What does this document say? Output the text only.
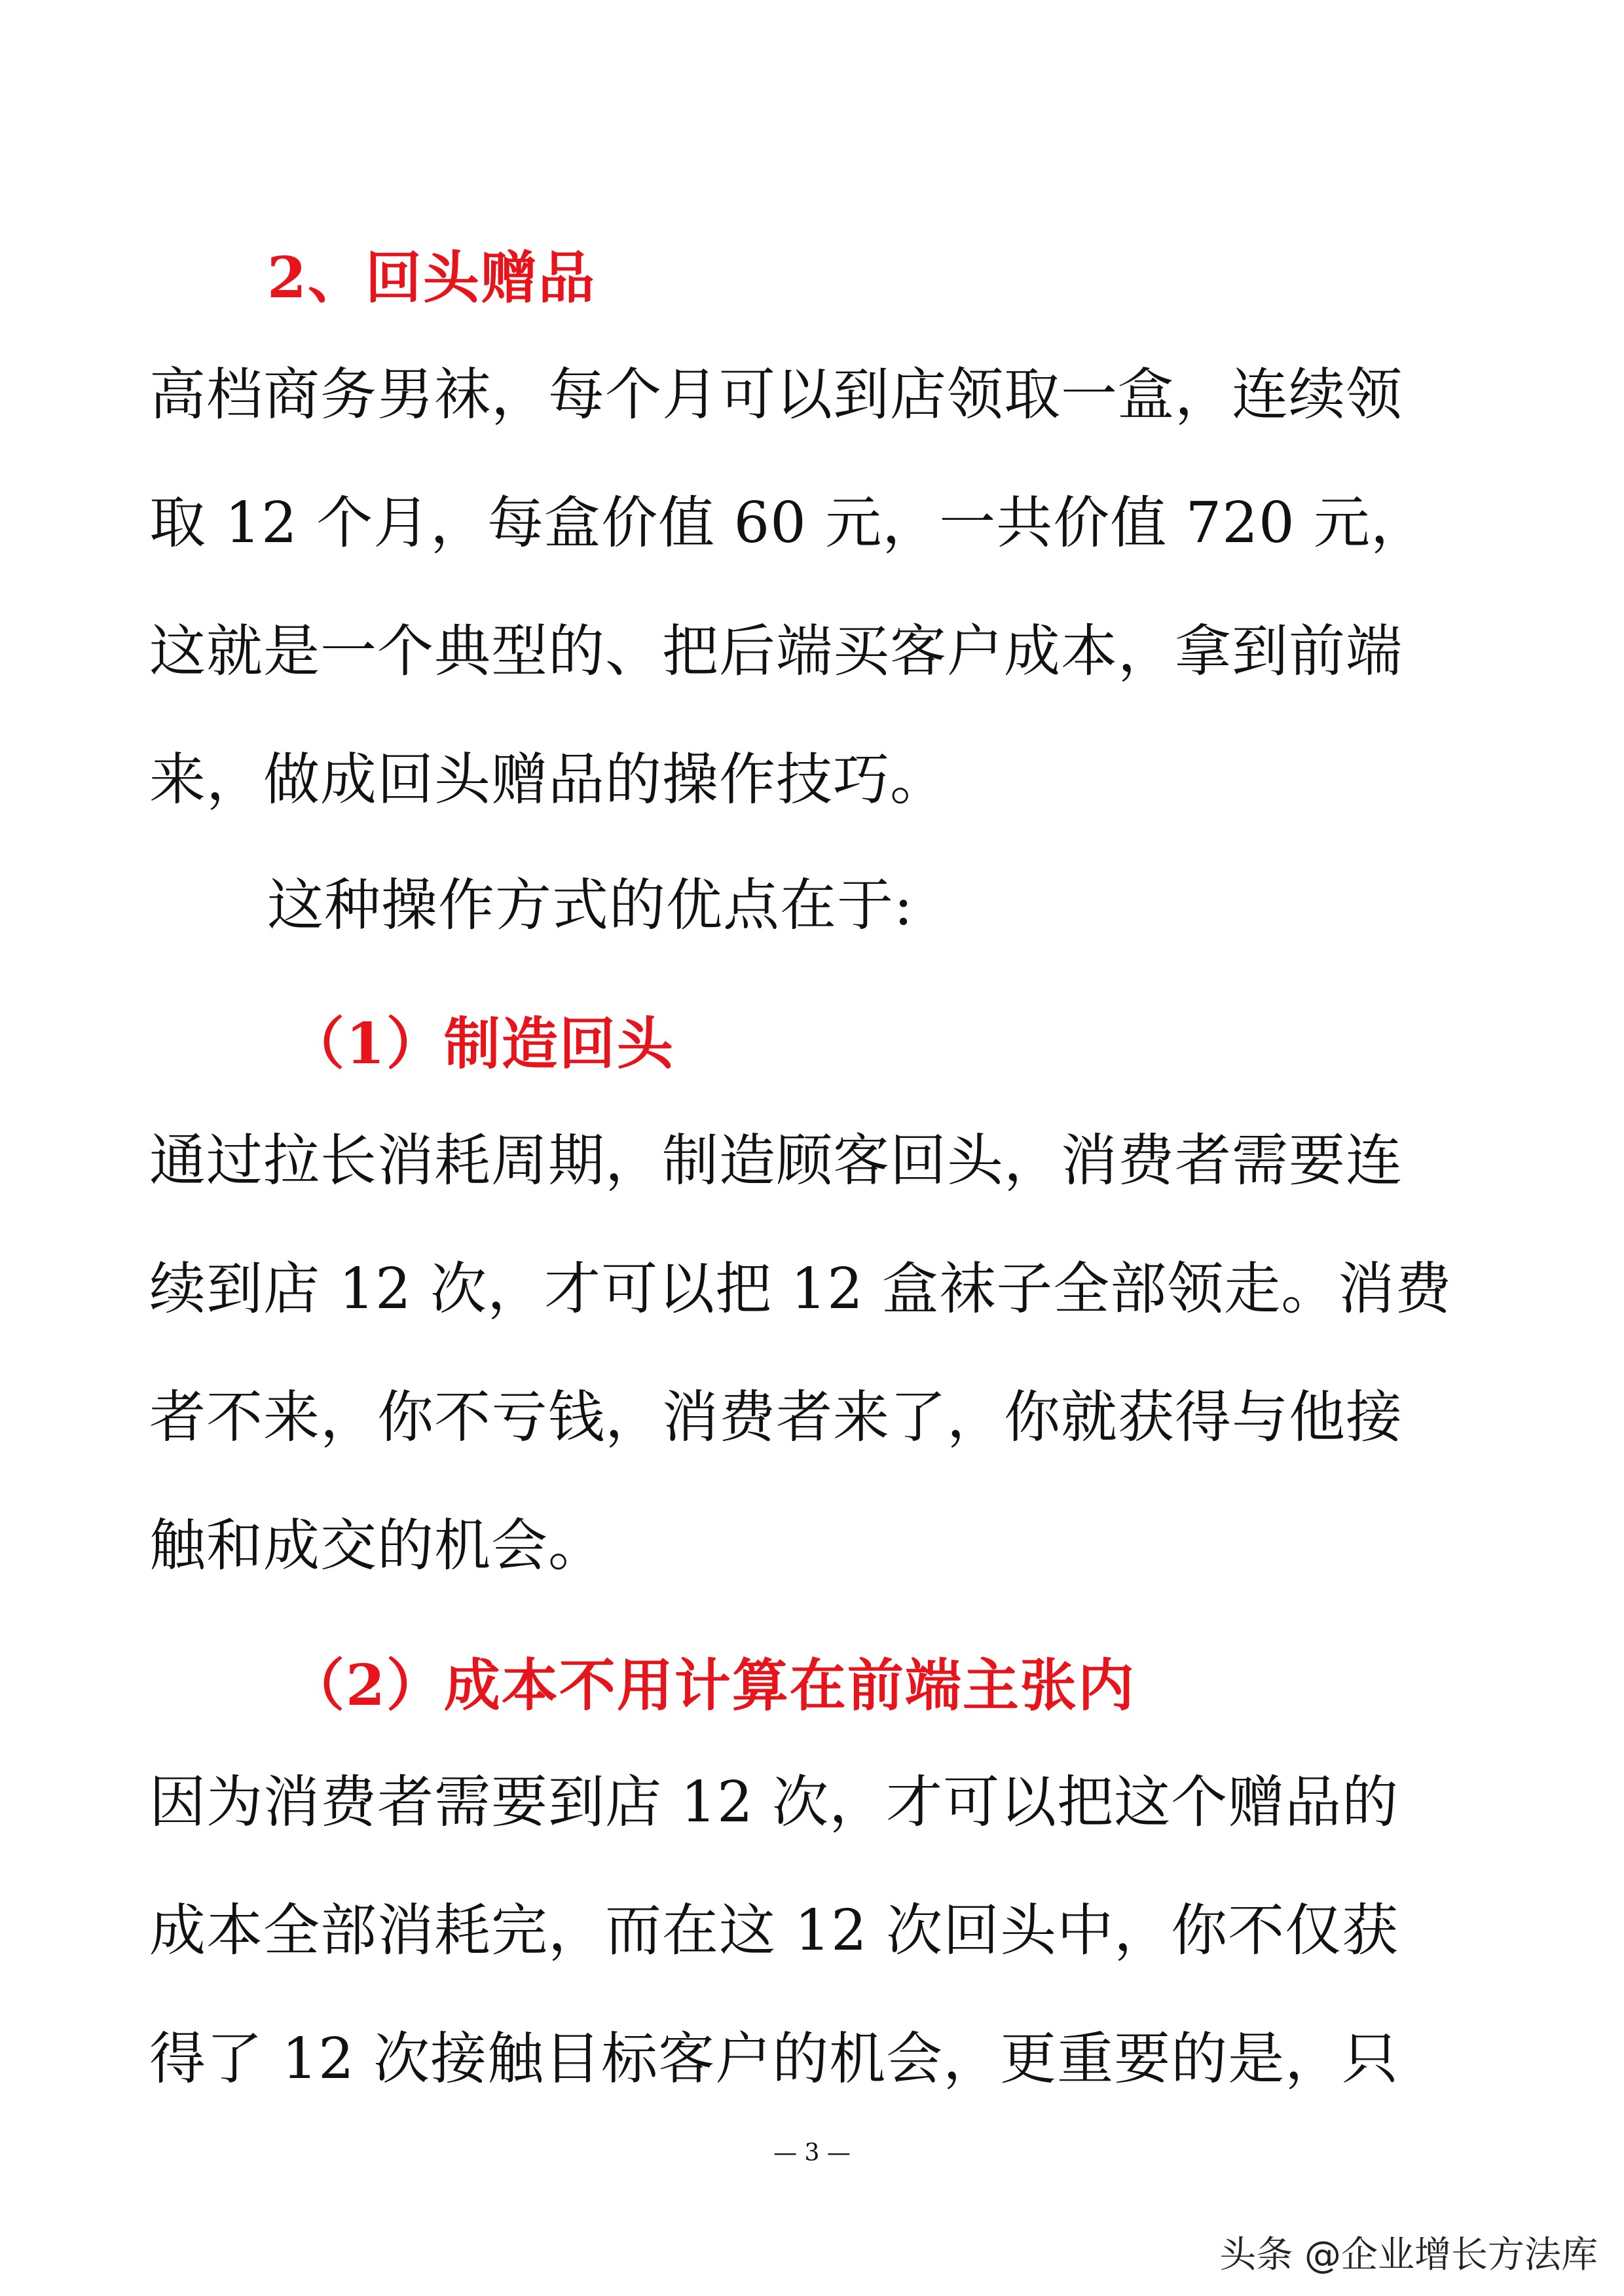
2、回头赠品
高档商务男袜，每个月可以到店领取一盒，连续领
取 12 个月，每盒价值 60 元，一共价值 720 元，
这就是一个典型的、把后端买客户成本，拿到前端
来，做成回头赠品的操作技巧。
这种操作方式的优点在于:
（1）制造回头
通过拉长消耗周期，制造顾客回头，消费者需要连
续到店 12 次，才可以把 12 盒袜子全部领走。消费
者不来，你不亏钱，消费者来了，你就获得与他接
触和成交的机会。
（2）成本不用计算在前端主张内
因为消费者需要到店 12 次，才可以把这个赠品的
成本全部消耗完，而在这 12 次回头中，你不仅获
得了 12 次接触目标客户的机会，更重要的是，只
— 3 —
头条 @企业增长方法库
